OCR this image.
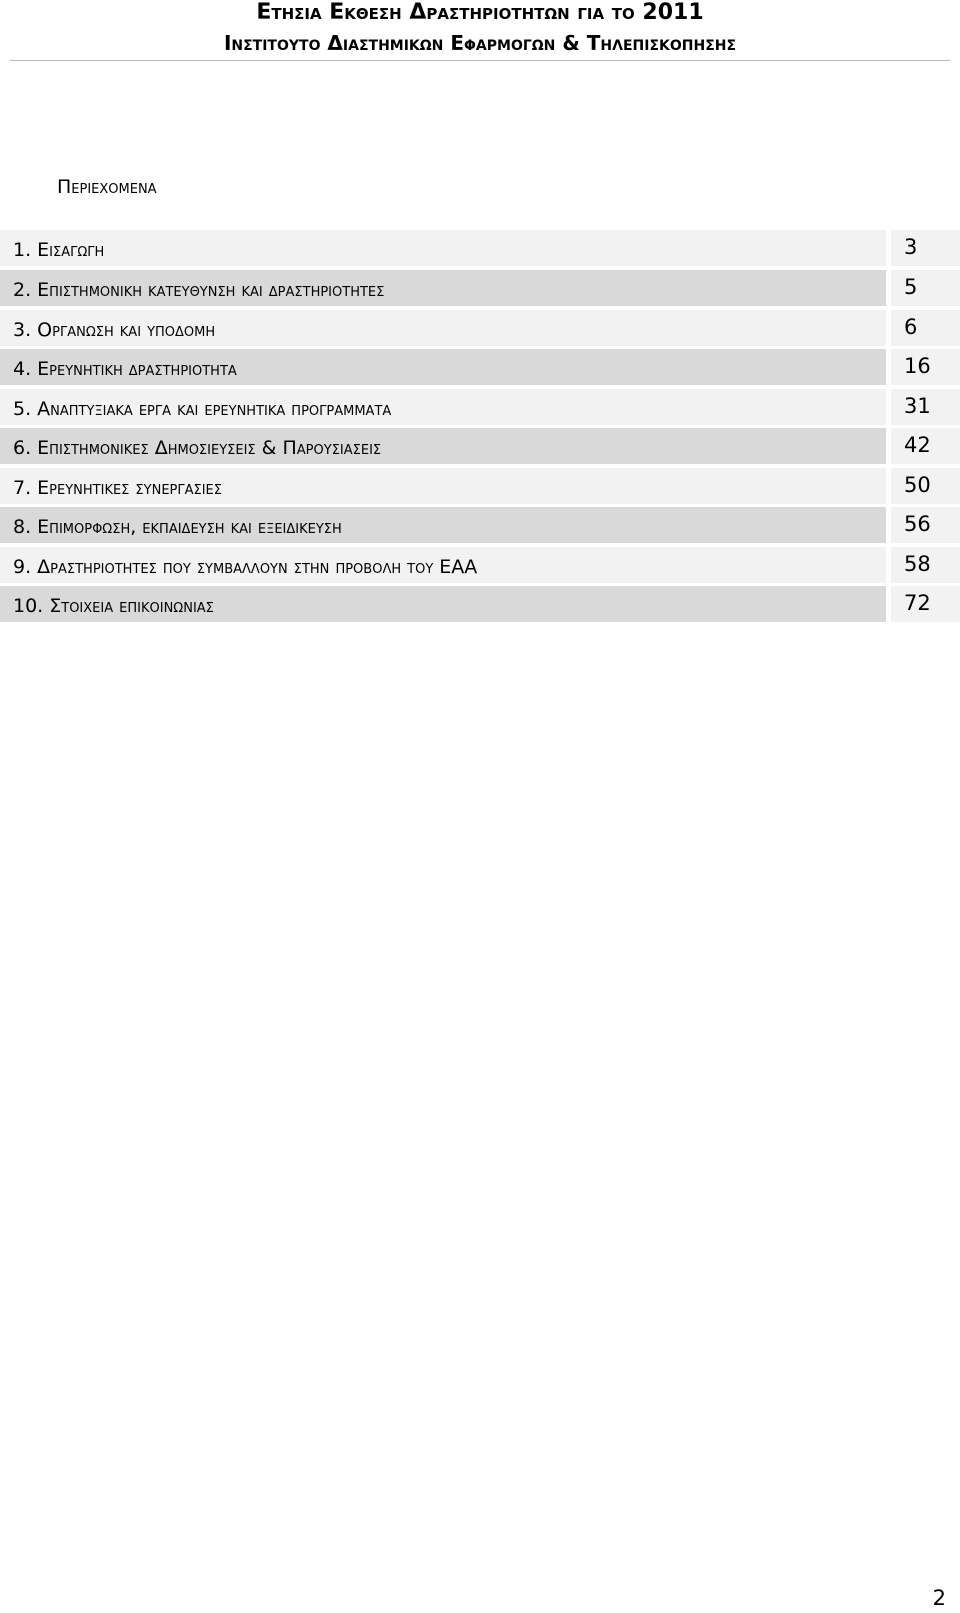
Ετησια Εκθεση Δραστηριοτητων για το 2011
Ινστιτουτο Διαστημικων Εφαρμογων & Τηλεπισκοπησης
Περιεχομενα
1. Εισαγωγη	3
2. Επιστημονικη κατευθυνση και δραστηριοτητες	5
3. Οργανωση και υποδομη	6
4. Ερευνητικη δραστηριοτητα	16
5. Αναπτυξιακα εργα και ερευνητικα προγραμματα	31
6. Επιστημονικες Δημοσιευσεις & Παρουσιασεις	42
7. Ερευνητικες συνεργασιες	50
8. Επιμορφωση, εκπαιδευση και εξειδικευση	56
9. Δραστηριοτητες που συμβαλλουν στην προβολη του ΕΑΑ	58
10. Στοιχεια επικοινωνιας	72
2
